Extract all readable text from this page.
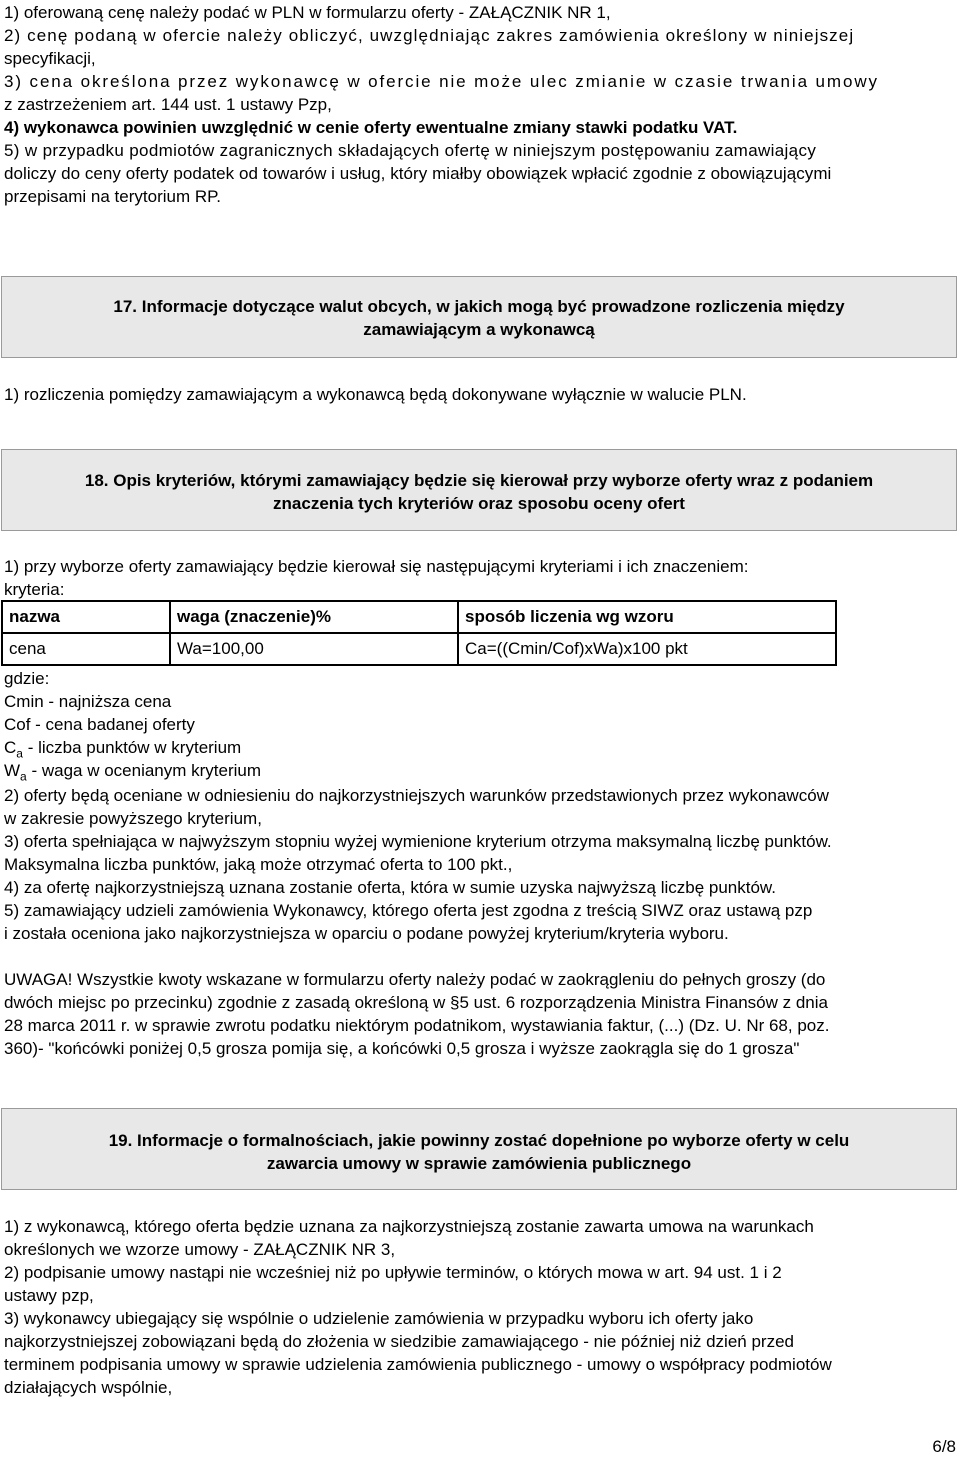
1) oferowaną cenę należy podać w PLN w formularzu oferty - ZAŁĄCZNIK NR 1,
2) cenę podaną w ofercie należy obliczyć, uwzględniając zakres zamówienia określony w niniejszej
specyfikacji,
3) cena określona przez wykonawcę w ofercie nie może ulec zmianie w czasie trwania umowy
z zastrzeżeniem art. 144 ust. 1 ustawy Pzp,
4) wykonawca powinien uwzględnić w cenie oferty ewentualne zmiany stawki podatku VAT.
5) w przypadku podmiotów zagranicznych składających ofertę w niniejszym postępowaniu zamawiający
doliczy do ceny oferty podatek od towarów i usług, który miałby obowiązek wpłacić zgodnie z obowiązującymi
przepisami na terytorium RP.
17. Informacje dotyczące walut obcych, w jakich mogą być prowadzone rozliczenia między
zamawiającym a wykonawcą
1) rozliczenia pomiędzy zamawiającym a wykonawcą będą dokonywane wyłącznie w walucie PLN.
18. Opis kryteriów, którymi zamawiający będzie się kierował przy wyborze oferty wraz z podaniem
znaczenia tych kryteriów oraz sposobu oceny ofert
1) przy wyborze oferty zamawiający będzie kierował się następującymi kryteriami i ich znaczeniem:
kryteria:
nazwa	waga (znaczenie)%	sposób liczenia wg wzoru
cena	Wa=100,00	Ca=((Cmin/Cof)xWa)x100 pkt
gdzie:
Cmin - najniższa cena
Cof - cena badanej oferty
$C_a$ - liczba punktów w kryterium
$W_a$ - waga w ocenianym kryterium
2) oferty będą oceniane w odniesieniu do najkorzystniejszych warunków przedstawionych przez wykonawców
w zakresie powyższego kryterium,
3) oferta spełniająca w najwyższym stopniu wyżej wymienione kryterium otrzyma maksymalną liczbę punktów.
Maksymalna liczba punktów, jaką może otrzymać oferta to 100 pkt.,
4) za ofertę najkorzystniejszą uznana zostanie oferta, która w sumie uzyska najwyższą liczbę punktów.
5) zamawiający udzieli zamówienia Wykonawcy, którego oferta jest zgodna z treścią SIWZ oraz ustawą pzp
i została oceniona jako najkorzystniejsza w oparciu o podane powyżej kryterium/kryteria wyboru.
UWAGA! Wszystkie kwoty wskazane w formularzu oferty należy podać w zaokrągleniu do pełnych groszy (do
dwóch miejsc po przecinku) zgodnie z zasadą określoną w §5 ust. 6 rozporządzenia Ministra Finansów z dnia
28 marca 2011 r. w sprawie zwrotu podatku niektórym podatnikom, wystawiania faktur, (...) (Dz. U. Nr 68, poz.
360)- "końcówki poniżej 0,5 grosza pomija się, a końcówki 0,5 grosza i wyższe zaokrągla się do 1 grosza"
19. Informacje o formalnościach, jakie powinny zostać dopełnione po wyborze oferty w celu
zawarcia umowy w sprawie zamówienia publicznego
1) z wykonawcą, którego oferta będzie uznana za najkorzystniejszą zostanie zawarta umowa na warunkach
określonych we wzorze umowy - ZAŁĄCZNIK NR 3,
2) podpisanie umowy nastąpi nie wcześniej niż po upływie terminów, o których mowa w art. 94 ust. 1 i 2
ustawy pzp,
3) wykonawcy ubiegający się wspólnie o udzielenie zamówienia w przypadku wyboru ich oferty jako
najkorzystniejszej zobowiązani będą do złożenia w siedzibie zamawiającego - nie później niż dzień przed
terminem podpisania umowy w sprawie udzielenia zamówienia publicznego - umowy o współpracy podmiotów
działających wspólnie,
6/8
